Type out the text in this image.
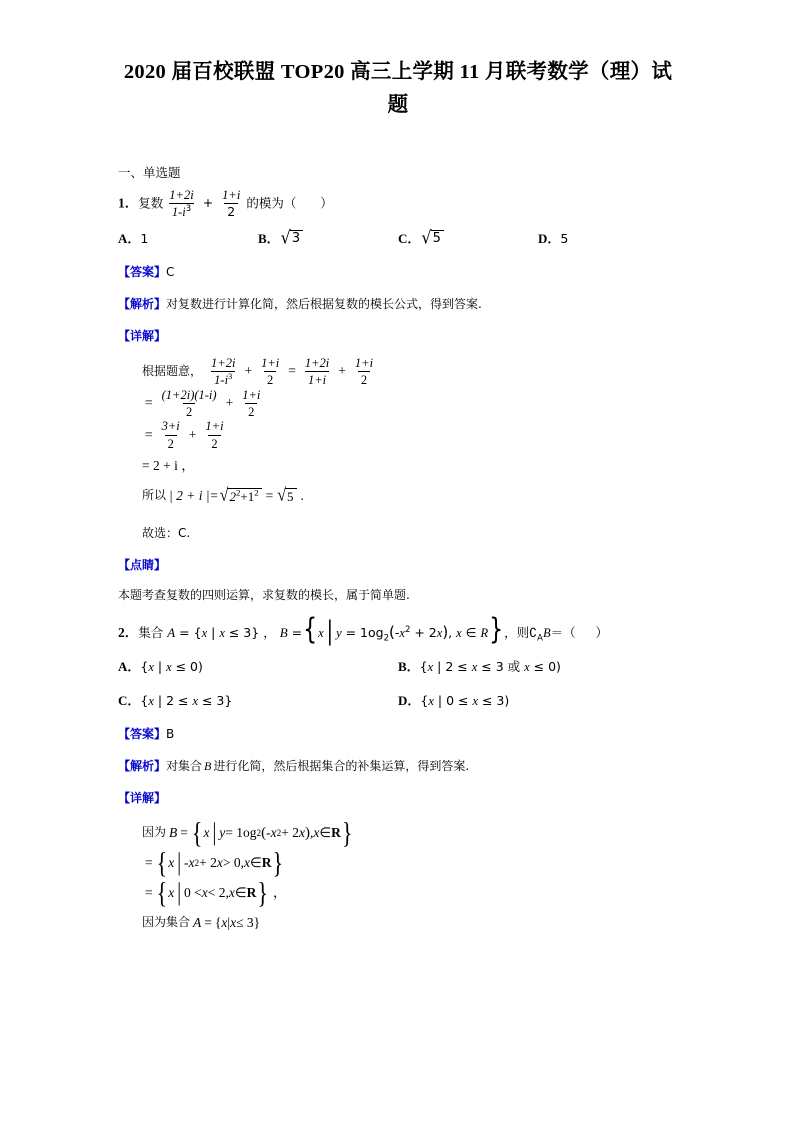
2020 届百校联盟 TOP20 高三上学期 11 月联考数学（理）试题
一、单选题
1．复数 $\frac{1+2i}{1-i^3} + \frac{1+i}{2}$ 的模为（ ）
A．1	B． √ 3	C． √ 5	D．5
【答案】C
【解析】对复数进行计算化简，然后根据复数的模长公式，得到答案.
【详解】
根据题意， $\frac{1+2i}{1-i^3} + \frac{1+i}{2} = \frac{1+2i}{1+i} + \frac{1+i}{2}$
= $\frac{(1+2i)(1-i)}{2} + \frac{1+i}{2}$
= $\frac{3+i}{2} + \frac{1+i}{2}$
= 2 + i ，
所以 | 2 + i |= √ $2^2+1^2$ = √ 5 .
故选：C.
【点睛】
本题考查复数的四则运算，求复数的模长，属于简单题.
2．集合 A = {x | x ≤ 3} ， B ={x | $y = 1og_2(-x^2 + 2x)$, x ∈ R}，则$∁_AB=$（     ）
A．{x | x ≤ 0)	B．{x | 2 ≤ x ≤ 3 或 x ≤ 0)
C．{x | 2 ≤ x ≤ 3}	D．{x | 0 ≤ x ≤ 3)
【答案】B
【解析】对集合 B 进行化简，然后根据集合的补集运算，得到答案.
【详解】
因为 B = { x | y = 1og 2 ( - x 2 + 2 x ) , x ∈ R }
= { x | - x 2 + 2 x > 0, x ∈ R }
= { x | 0 < x < 2, x ∈ R } ，
因为集合 A = { x | x ≤ 3}
